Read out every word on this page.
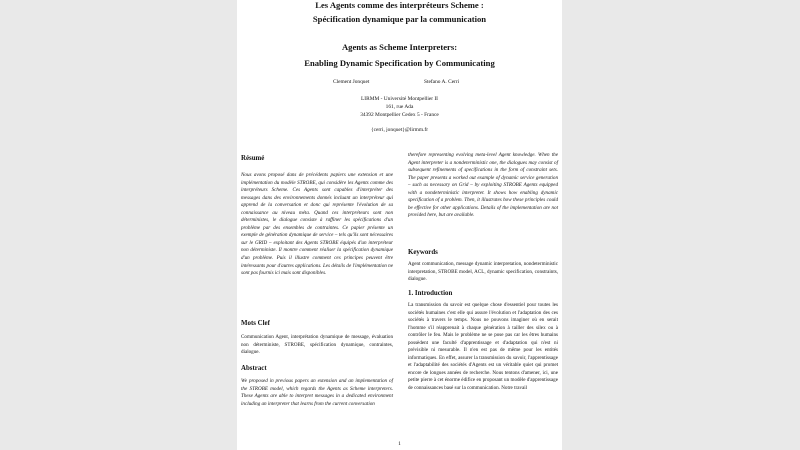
Les Agents comme des interpréteurs Scheme :
Spécification dynamique par la communication
Agents as Scheme Interpreters:
Enabling Dynamic Specification by Communicating
Clement Jonquet	Stefano A. Cerri
LIRMM - Université Montpellier II
161, rue Ada
34392 Montpellier Cedex 5 - France
{cerri, jonquet}@lirmm.fr
Résumé
Nous avons proposé dans de précédents papiers une extension et une implémentation du modèle STROBE, qui considère les Agents comme des interpréteurs Scheme. Ces Agents sont capables d'interpréter des messages dans des environnements donnés incluant un interpréteur qui apprend de la conversation et donc qui représente l'évolution de sa connaissance au niveau méta. Quand ces interpréteurs sont non déterministes, le dialogue consiste à raffiner les spécifications d'un problème par des ensembles de contraintes. Ce papier présente un exemple de génération dynamique de service – tels qu'ils sont nécessaires sur le GRID – exploitant des Agents STROBE équipés d'un interpréteur non déterministe. Il montre comment réaliser la spécification dynamique d'un problème. Puis il illustre comment ces principes peuvent être intéressants pour d'autres applications. Les détails de l'implémentation ne sont pas fournis ici mais sont disponibles.
Mots Clef
Communication Agent, interprétation dynamique de message, évaluation non déterministe, STROBE, spécification dynamique, contraintes, dialogue.
Abstract
We proposed in previous papers an extension and an implementation of the STROBE model, which regards the Agents as Scheme interpreters. These Agents are able to interpret messages in a dedicated environment including an interpreter that learns from the current conversation
therefore representing evolving meta-level Agent knowledge. When the Agent interpreter is a nondeterministic one, the dialogues may consist of subsequent refinements of specifications in the form of constraint sets. The paper presents a worked out example of dynamic service generation – such as necessary on Grid – by exploiting STROBE Agents equipped with a nondeterministic interpreter. It shows how enabling dynamic specification of a problem. Then, it illustrates how these principles could be effective for other applications. Details of the implementation are not provided here, but are available.
Keywords
Agent communication, message dynamic interpretation, nondeterministic interpretation, STROBE model, ACL, dynamic specification, constraints, dialogue.
1. Introduction
La transmission du savoir est quelque chose d'essentiel pour toutes les sociétés humaines c'est elle qui assure l'évolution et l'adaptation des ces sociétés à travers le temps. Nous ne pouvons imaginer où en serait l'homme s'il réapprenait à chaque génération à tailler des silex ou à contrôler le feu. Mais le problème ne se pose pas car les êtres humains possèdent une faculté d'apprentissage et d'adaptation qui n'est ni prévisible ni mesurable. Il n'en est pas de même pour les entités informatiques. En effet, assurer la transmission du savoir, l'apprentissage et l'adaptabilité des sociétés d'Agents est un véritable quiet qui promet encore de longues années de recherche. Nous tentons d'amener, ici, une petite pierre à cet énorme édifice en proposant un modèle d'apprentissage de connaissances basé sur la communication. Notre travail
1
